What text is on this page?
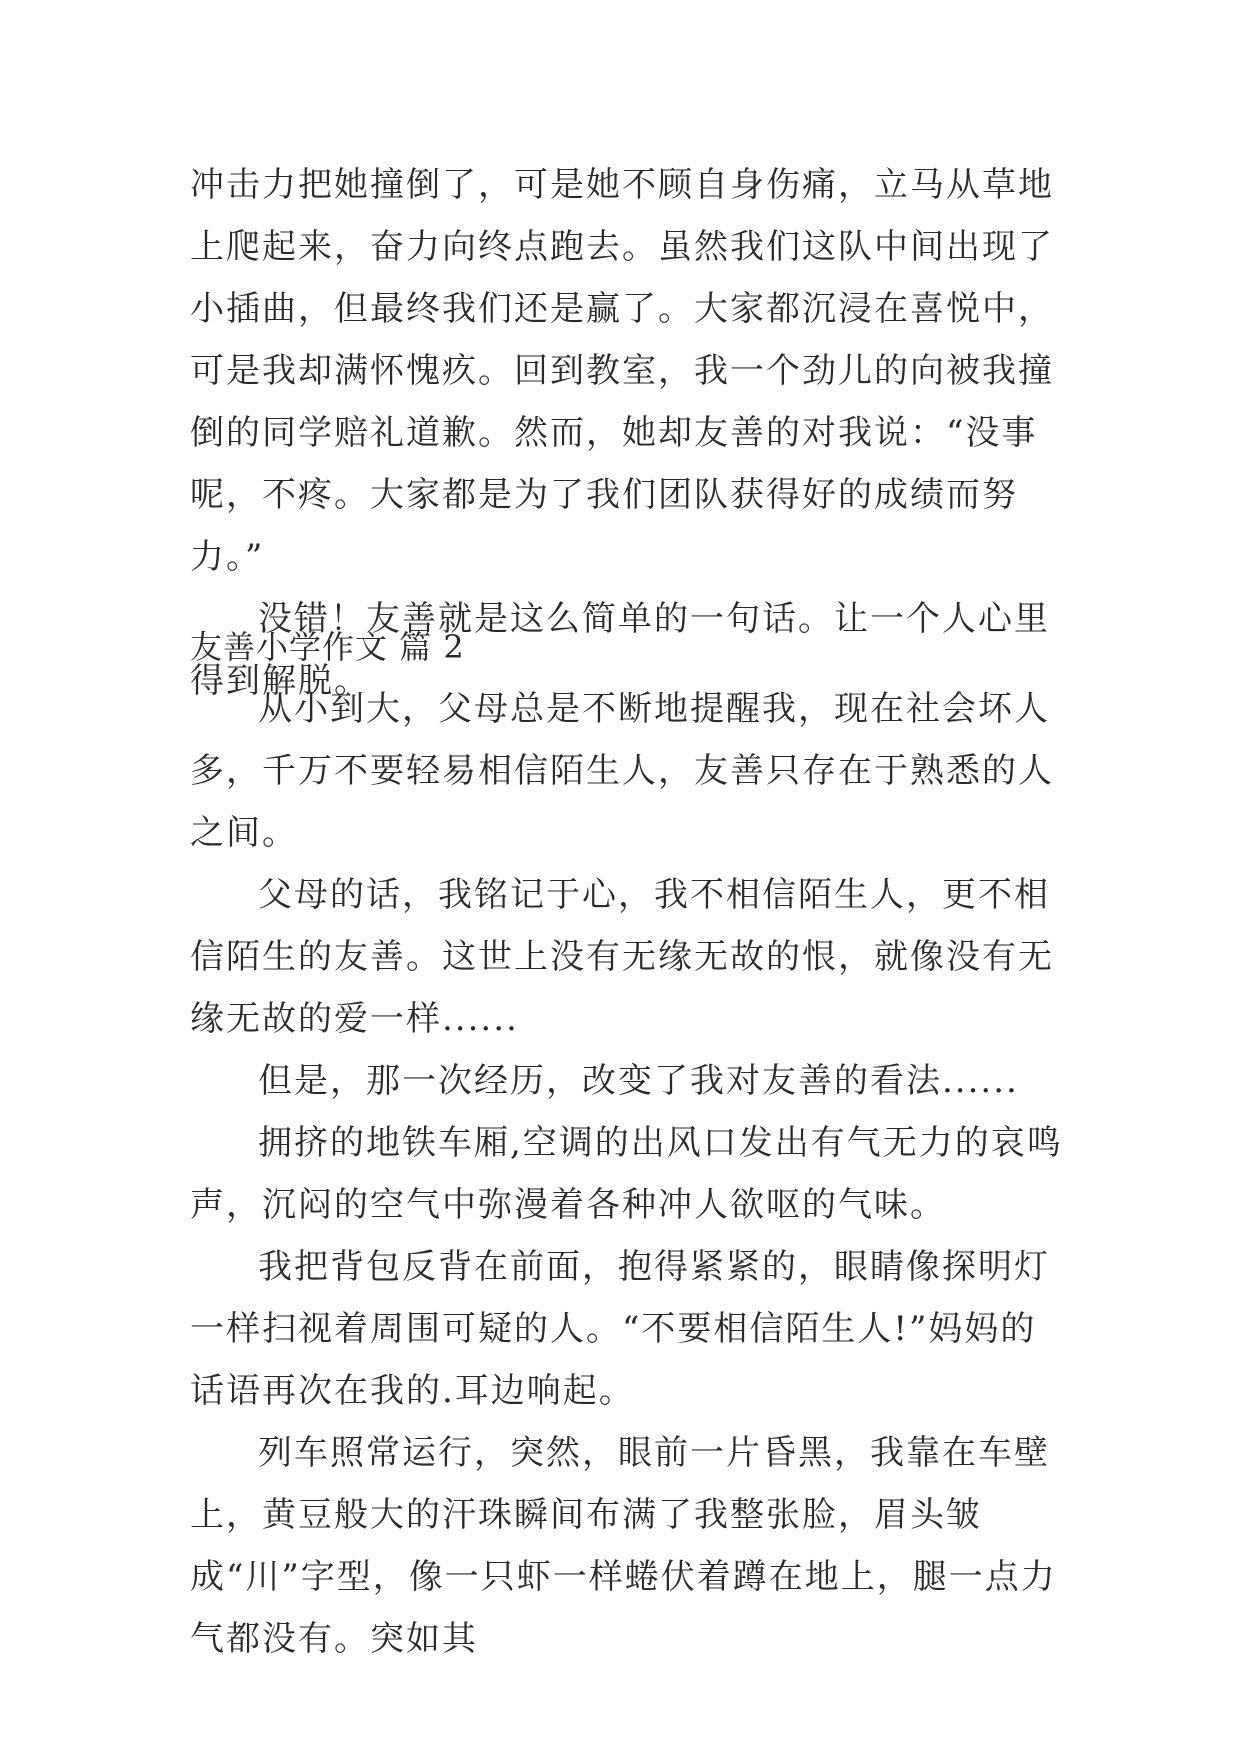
冲击力把她撞倒了，可是她不顾自身伤痛，立马从草地上爬起来，奋力向终点跑去。虽然我们这队中间出现了小插曲，但最终我们还是赢了。大家都沉浸在喜悦中，可是我却满怀愧疚。回到教室，我一个劲儿的向被我撞倒的同学赔礼道歉。然而，她却友善的对我说：“没事呢，不疼。大家都是为了我们团队获得好的成绩而努力。”

没错！友善就是这么简单的一句话。让一个人心里得到解脱。

友善小学作文 篇 2

从小到大，父母总是不断地提醒我，现在社会坏人多，千万不要轻易相信陌生人，友善只存在于熟悉的人之间。

父母的话，我铭记于心，我不相信陌生人，更不相信陌生的友善。这世上没有无缘无故的恨，就像没有无缘无故的爱一样......

但是，那一次经历，改变了我对友善的看法......

拥挤的地铁车厢,空调的出风口发出有气无力的哀鸣声，沉闷的空气中弥漫着各种冲人欲呕的气味。

我把背包反背在前面，抱得紧紧的，眼睛像探明灯一样扫视着周围可疑的人。“不要相信陌生人!”妈妈的话语再次在我的.耳边响起。

列车照常运行，突然，眼前一片昏黑，我靠在车壁上，黄豆般大的汗珠瞬间布满了我整张脸，眉头皱成“川”字型，像一只虾一样蜷伏着蹲在地上，腿一点力气都没有。突如其
